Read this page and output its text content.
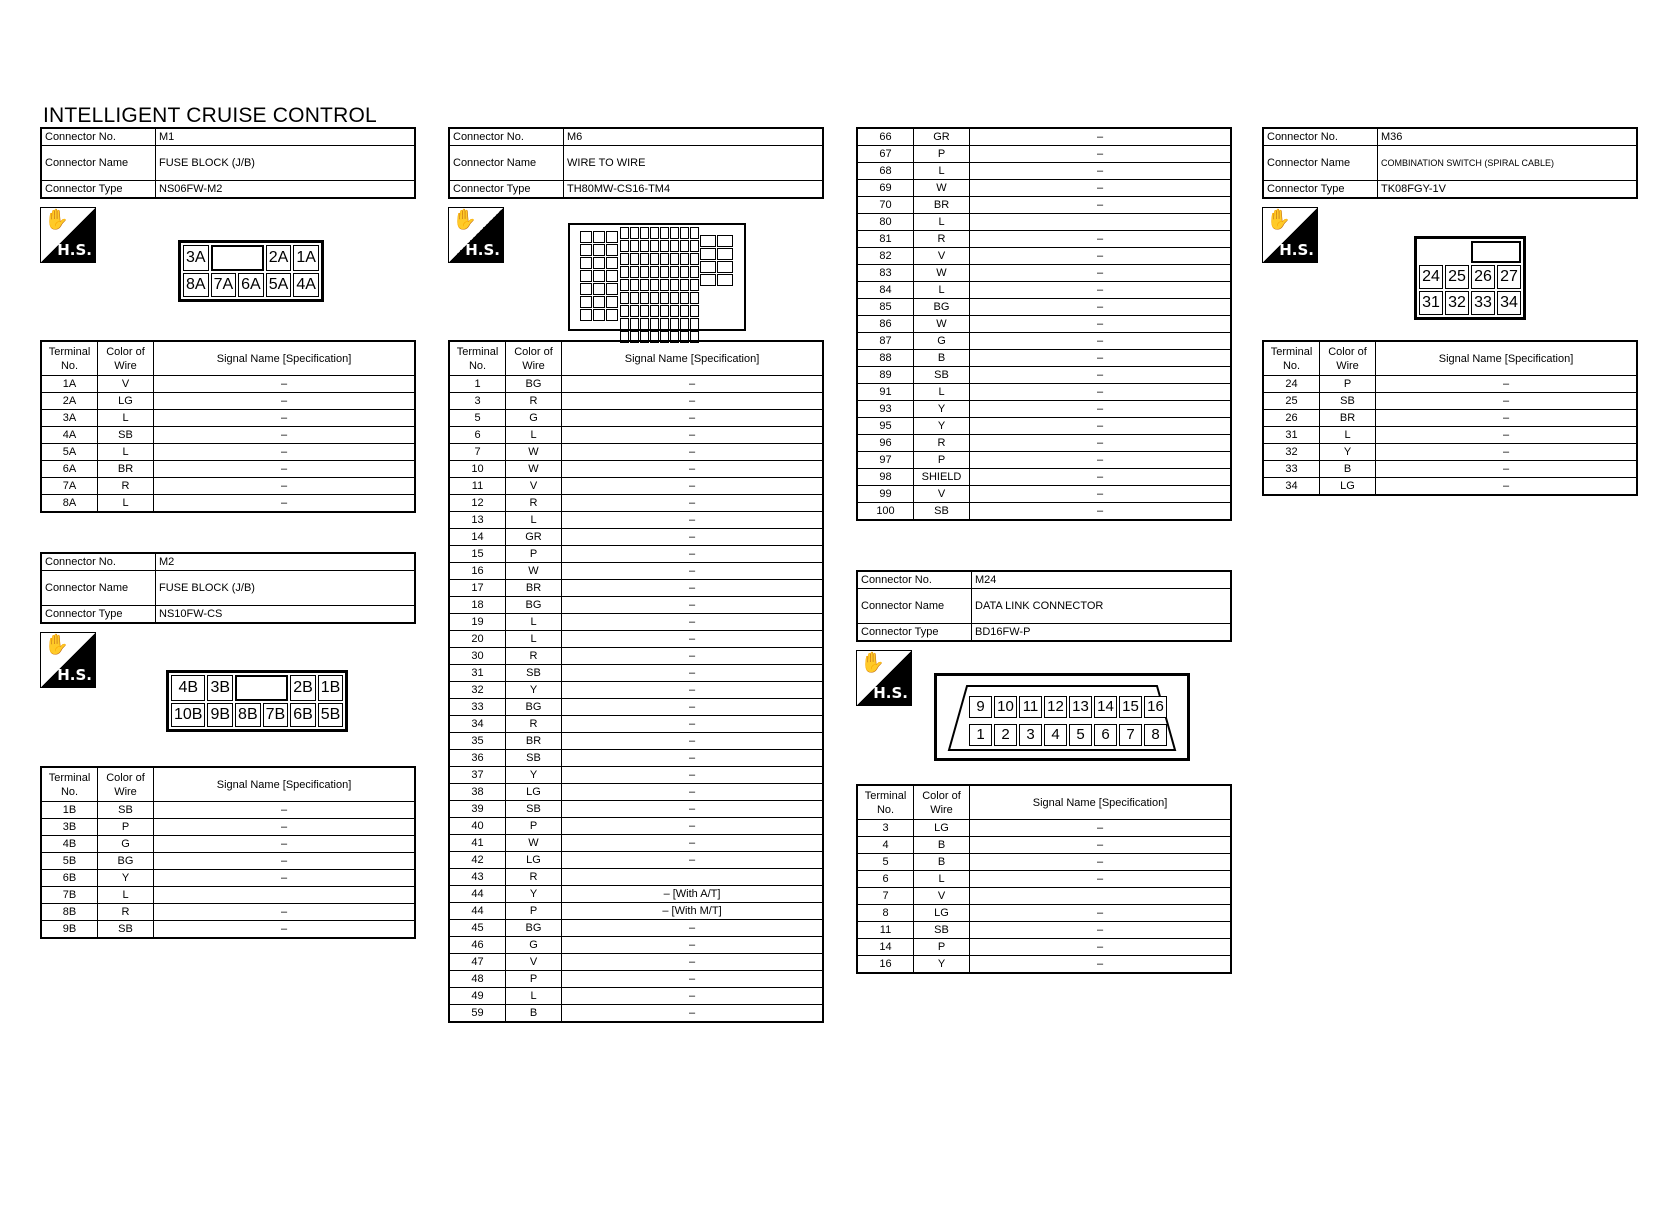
INTELLIGENT CRUISE CONTROL
Connector No.	M1
Connector Name	FUSE BLOCK (J/B)
Connector Type	NS06FW-M2
✋
H.S.	3A			2A	1A
8A	7A	6A	5A	4A
Terminal No.	Color of Wire	Signal Name [Specification]
1A	V	–
2A	LG	–
3A	L	–
4A	SB	–
5A	L	–
6A	BR	–
7A	R	–
8A	L	–
Connector No.	M2
Connector Name	FUSE BLOCK (J/B)
Connector Type	NS10FW-CS
✋
H.S.
4B	3B			2B	1B
10B	9B	8B	7B	6B	5B
Terminal No.	Color of Wire	Signal Name [Specification]
1B	SB	–
3B	P	–
4B	G	–
5B	BG	–
6B	Y	–
7B	L	
8B	R	–
9B	SB	–
Connector No.	M6
Connector Name	WIRE TO WIRE
Connector Type	TH80MW-CS16-TM4
✋
H.S.
Terminal No.	Color of Wire	Signal Name [Specification]
1	BG	–
3	R	–
5	G	–
6	L	–
7	W	–
10	W	–
11	V	–
12	R	–
13	L	–
14	GR	–
15	P	–
16	W	–
17	BR	–
18	BG	–
19	L	–
20	L	–
30	R	–
31	SB	–
32	Y	–
33	BG	–
34	R	–
35	BR	–
36	SB	–
37	Y	–
38	LG	–
39	SB	–
40	P	–
41	W	–
42	LG	–
43	R	
44	Y	– [With A/T]
44	P	– [With M/T]
45	BG	–
46	G	–
47	V	–
48	P	–
49	L	–
59	B	–
66	GR	–
67	P	–
68	L	–
69	W	–
70	BR	–
80	L	
81	R	–
82	V	–
83	W	–
84	L	–
85	BG	–
86	W	–
87	G	–
88	B	–
89	SB	–
91	L	–
93	Y	–
95	Y	–
96	R	–
97	P	–
98	SHIELD	–
99	V	–
100	SB	–
Connector No.	M24
Connector Name	DATA LINK CONNECTOR
Connector Type	BD16FW-P
✋
H.S.
9 10 11 12 13 14 15 16
1	2	3	4	5	6	7	8
Terminal No.	Color of Wire	Signal Name [Specification]
3	LG	–
4	B	–
5	B	–
6	L	–
7	V	
8	LG	–
11	SB	–
14	P	–
16	Y	–
Connector No.	M36
Connector Name	COMBINATION SWITCH (SPIRAL CABLE)
Connector Type	TK08FGY-1V
✋
H.S.

24	25	26	27
31	32	33	34
Terminal No.	Color of Wire	Signal Name [Specification]
24	P	–
25	SB	–
26	BR	–
31	L	–
32	Y	–
33	B	–
34	LG	–
